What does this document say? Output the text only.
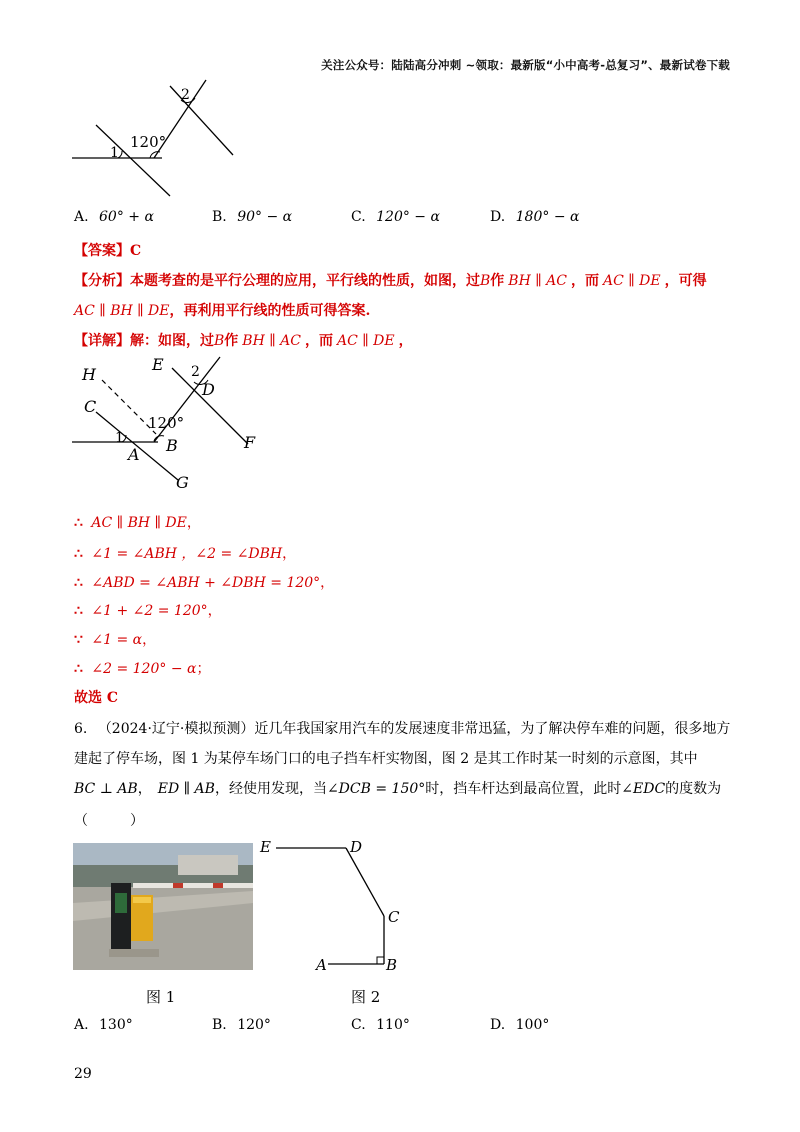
关注公众号：陆陆高分冲刺 ~领取：最新版“小中高考-总复习”、最新试卷下载
120°
1
2
A. 60° + α	B. 90° − α	C. 120° − α	D. 180° − α
【答案】C
【分析】本题考查的是平行公理的应用，平行线的性质，如图，过B作 BH ∥ AC ，而 AC ∥ DE ，可得
AC ∥ BH ∥ DE，再利用平行线的性质可得答案.
【详解】解：如图，过B作 BH ∥ AC ，而 AC ∥ DE ，
H
E 2
D
C
120°
1	B
A
F
G
∴ AC ∥ BH ∥ DE，
∴ ∠1 = ∠ABH ，∠2 = ∠DBH，
∴ ∠ABD = ∠ABH + ∠DBH = 120°，
∴ ∠1 + ∠2 = 120°，
∵ ∠1 = α，
∴ ∠2 = 120° − α；
故选 C
6. （2024·辽宁·模拟预测）近几年我国家用汽车的发展速度非常迅猛，为了解决停车难的问题，很多地方
建起了停车场，图 1 为某停车场门口的电子挡车杆实物图，图 2 是其工作时某一时刻的示意图，其中
BC ⊥ AB， ED ∥ AB，经使用发现，当∠DCB = 150°时，挡车杆达到最高位置，此时∠EDC的度数为
（　　　）
E	D
C
A	B
图 1	图 2
A. 130°	B. 120°	C. 110°	D. 100°
29
